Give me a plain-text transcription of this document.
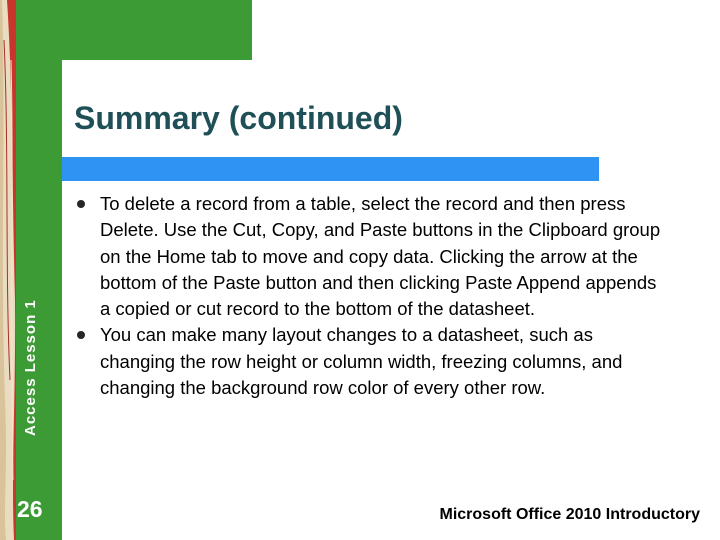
Summary (continued)
Access Lesson 1
26
To delete a record from a table, select the record and then press Delete. Use the Cut, Copy, and Paste buttons in the Clipboard group on the Home tab to move and copy data. Clicking the arrow at the bottom of the Paste button and then clicking Paste Append appends a copied or cut record to the bottom of the datasheet.
You can make many layout changes to a datasheet, such as changing the row height or column width, freezing columns, and changing the background row color of every other row.
Microsoft Office 2010 Introductory
